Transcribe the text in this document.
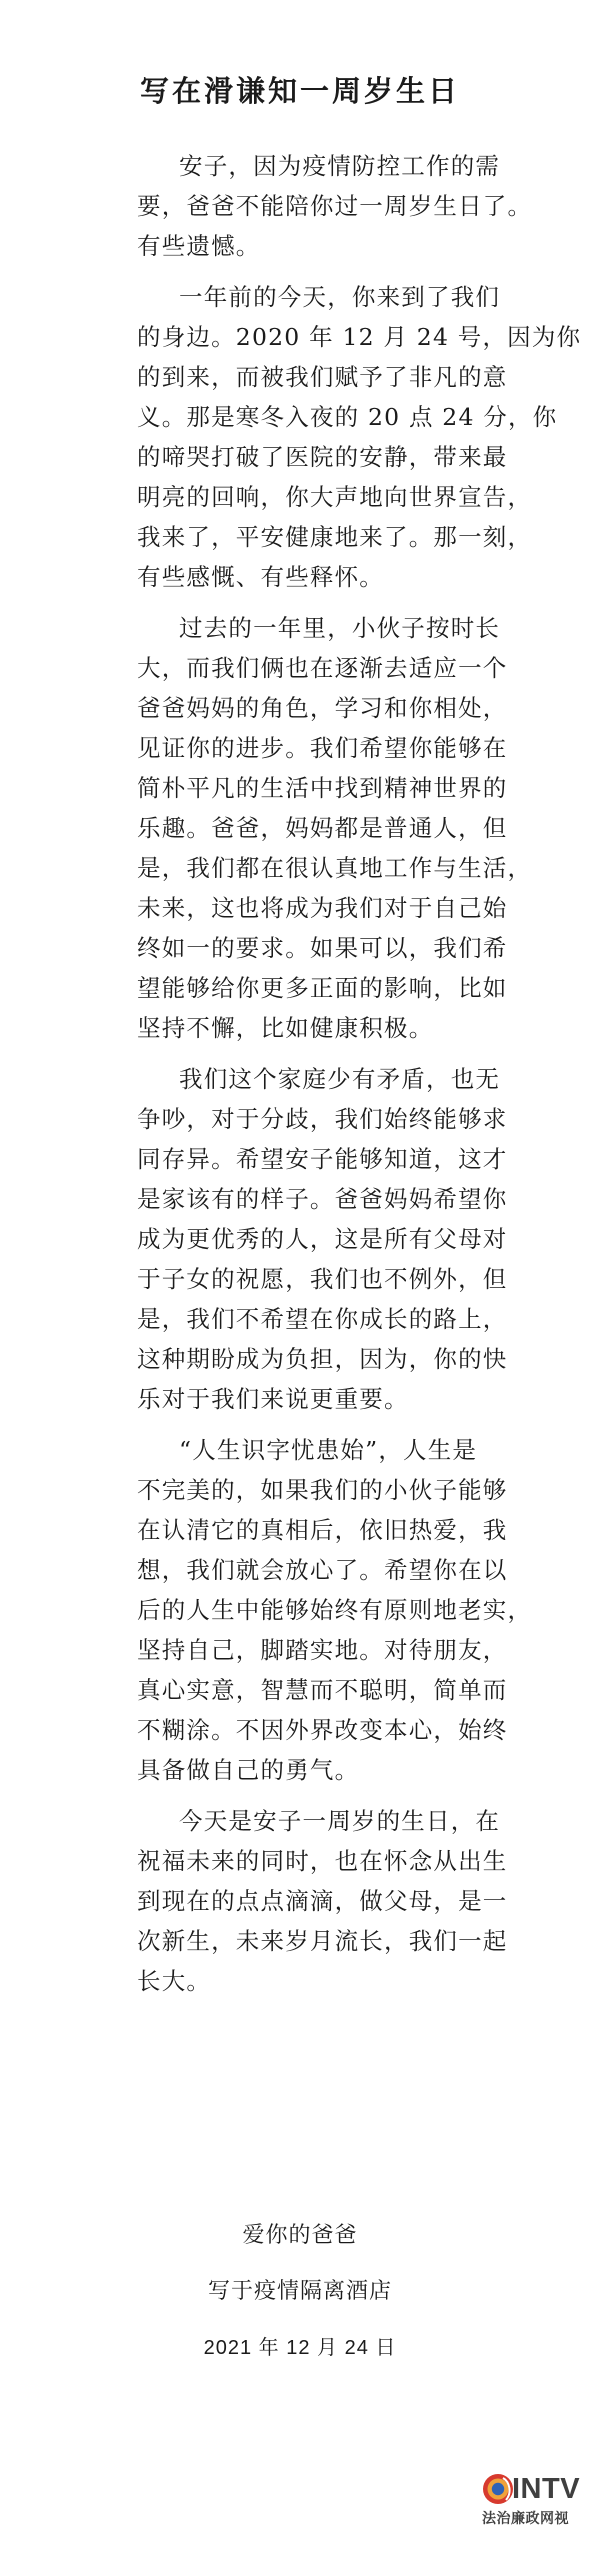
写在滑谦知一周岁生日
安子，因为疫情防控工作的需
要，爸爸不能陪你过一周岁生日了。
有些遗憾。
一年前的今天，你来到了我们
的身边。2020 年 12 月 24 号，因为你
的到来，而被我们赋予了非凡的意
义。那是寒冬入夜的 20 点 24 分，你
的啼哭打破了医院的安静，带来最
明亮的回响，你大声地向世界宣告，
我来了，平安健康地来了。那一刻，
有些感慨、有些释怀。
过去的一年里，小伙子按时长
大，而我们俩也在逐渐去适应一个
爸爸妈妈的角色，学习和你相处，
见证你的进步。我们希望你能够在
简朴平凡的生活中找到精神世界的
乐趣。爸爸，妈妈都是普通人，但
是，我们都在很认真地工作与生活，
未来，这也将成为我们对于自己始
终如一的要求。如果可以，我们希
望能够给你更多正面的影响，比如
坚持不懈，比如健康积极。
我们这个家庭少有矛盾，也无
争吵，对于分歧，我们始终能够求
同存异。希望安子能够知道，这才
是家该有的样子。爸爸妈妈希望你
成为更优秀的人，这是所有父母对
于子女的祝愿，我们也不例外，但
是，我们不希望在你成长的路上，
这种期盼成为负担，因为，你的快
乐对于我们来说更重要。
“人生识字忧患始”，人生是
不完美的，如果我们的小伙子能够
在认清它的真相后，依旧热爱，我
想，我们就会放心了。希望你在以
后的人生中能够始终有原则地老实，
坚持自己，脚踏实地。对待朋友，
真心实意，智慧而不聪明，简单而
不糊涂。不因外界改变本心，始终
具备做自己的勇气。
今天是安子一周岁的生日，在
祝福未来的同时，也在怀念从出生
到现在的点点滴滴，做父母，是一
次新生，未来岁月流长，我们一起
长大。
爱你的爸爸
写于疫情隔离酒店
2021 年 12 月 24 日
INTV
法治廉政网视
